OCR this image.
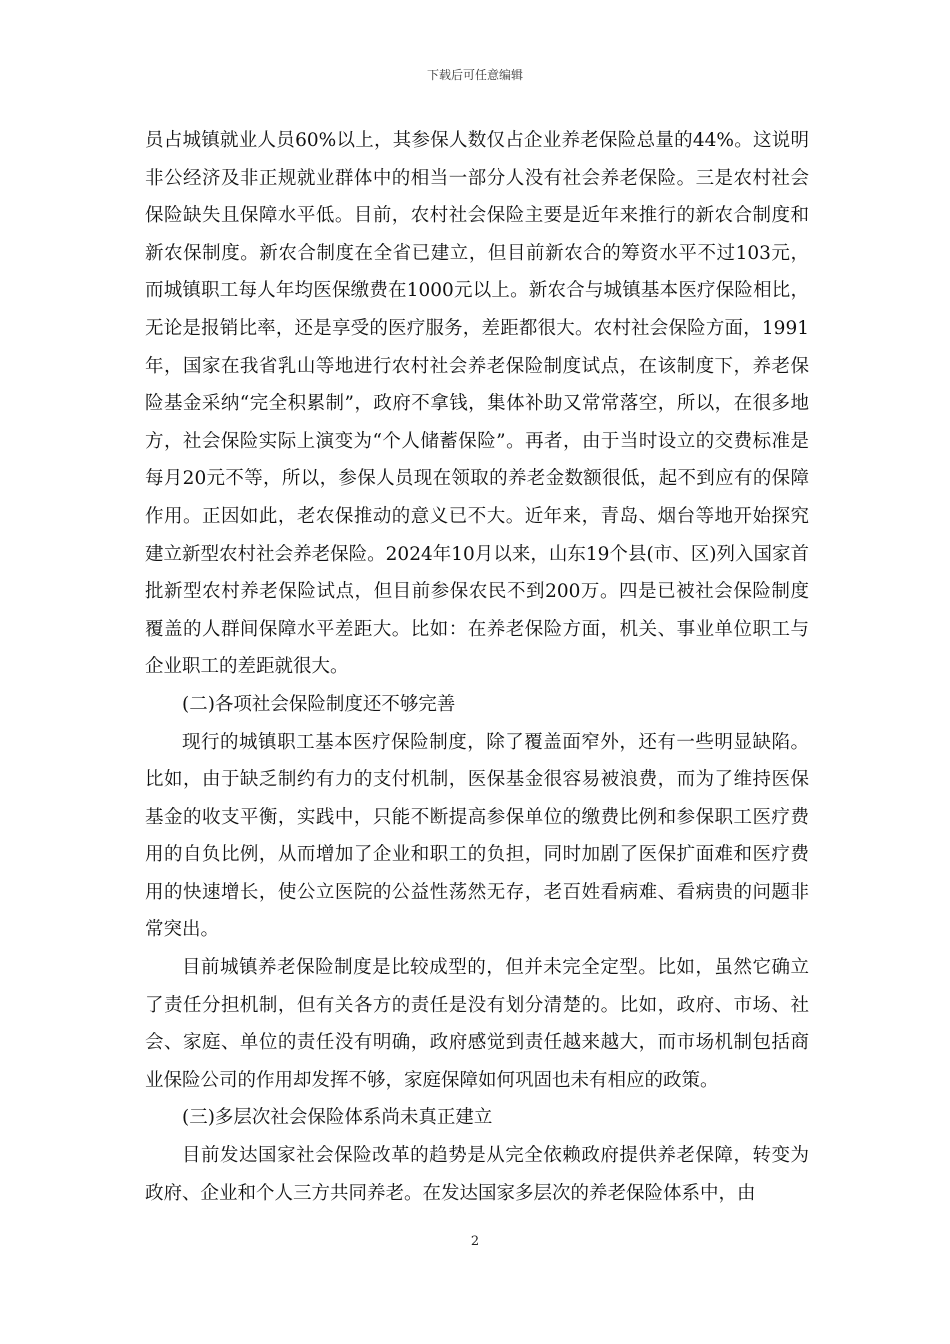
下载后可任意编辑

员占城镇就业人员60%以上，其参保人数仅占企业养老保险总量的44%。这说明非公经济及非正规就业群体中的相当一部分人没有社会养老保险。三是农村社会保险缺失且保障水平低。目前，农村社会保险主要是近年来推行的新农合制度和新农保制度。新农合制度在全省已建立，但目前新农合的筹资水平不过103元，而城镇职工每人年均医保缴费在1000元以上。新农合与城镇基本医疗保险相比，无论是报销比率，还是享受的医疗服务，差距都很大。农村社会保险方面，1991年，国家在我省乳山等地进行农村社会养老保险制度试点，在该制度下，养老保险基金采纳“完全积累制”，政府不拿钱，集体补助又常常落空，所以，在很多地方，社会保险实际上演变为“个人储蓄保险”。再者，由于当时设立的交费标准是每月20元不等，所以，参保人员现在领取的养老金数额很低，起不到应有的保障作用。正因如此，老农保推动的意义已不大。近年来，青岛、烟台等地开始探究建立新型农村社会养老保险。2024年10月以来，山东19个县(市、区)列入国家首批新型农村养老保险试点，但目前参保农民不到200万。四是已被社会保险制度覆盖的人群间保障水平差距大。比如：在养老保险方面，机关、事业单位职工与企业职工的差距就很大。

(二)各项社会保险制度还不够完善

现行的城镇职工基本医疗保险制度，除了覆盖面窄外，还有一些明显缺陷。比如，由于缺乏制约有力的支付机制，医保基金很容易被浪费，而为了维持医保基金的收支平衡，实践中，只能不断提高参保单位的缴费比例和参保职工医疗费用的自负比例，从而增加了企业和职工的负担，同时加剧了医保扩面难和医疗费用的快速增长，使公立医院的公益性荡然无存，老百姓看病难、看病贵的问题非常突出。

目前城镇养老保险制度是比较成型的，但并未完全定型。比如，虽然它确立了责任分担机制，但有关各方的责任是没有划分清楚的。比如，政府、市场、社会、家庭、单位的责任没有明确，政府感觉到责任越来越大，而市场机制包括商业保险公司的作用却发挥不够，家庭保障如何巩固也未有相应的政策。

(三)多层次社会保险体系尚未真正建立

目前发达国家社会保险改革的趋势是从完全依赖政府提供养老保障，转变为政府、企业和个人三方共同养老。在发达国家多层次的养老保险体系中，由

2
